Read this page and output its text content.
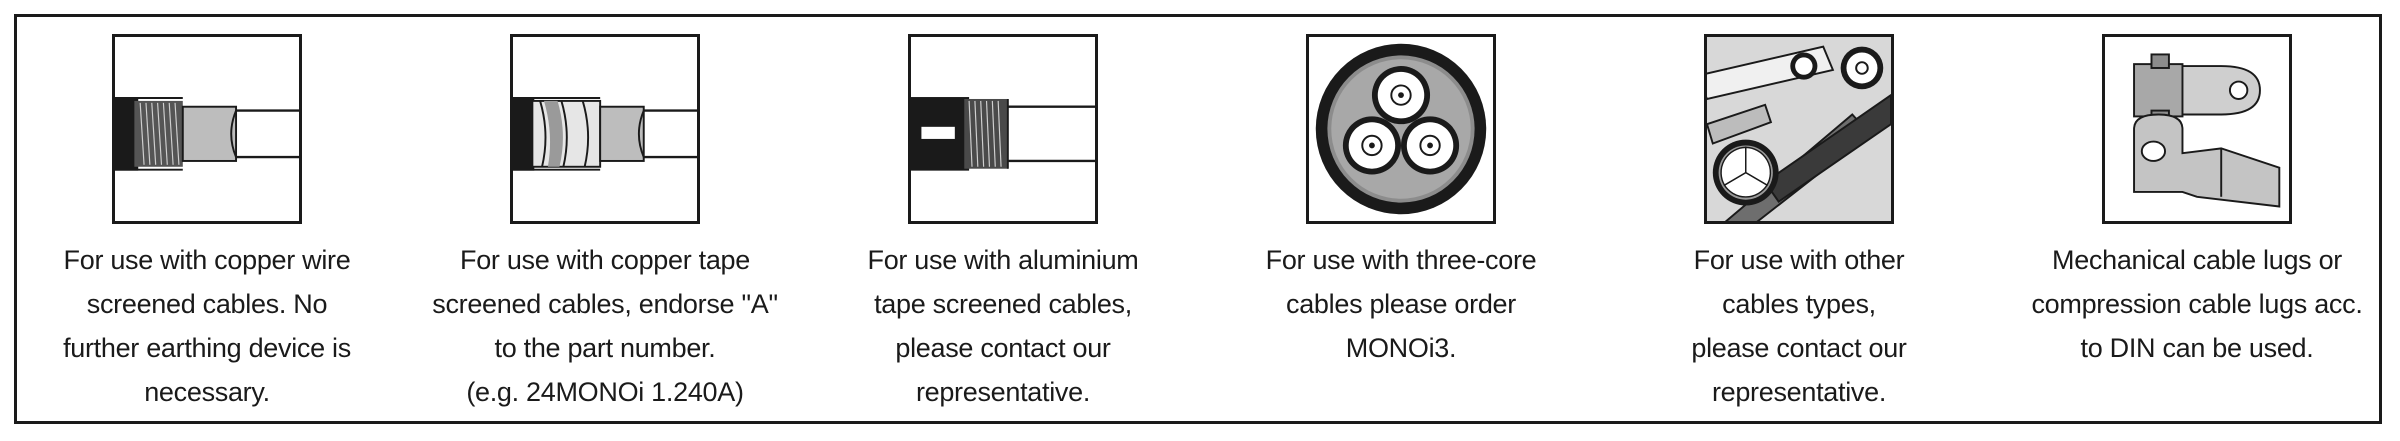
For use with copper wire
screened cables. No
further earthing device is
necessary.
For use with copper tape
screened cables, endorse "A"
to the part number.
(e.g. 24MONOi 1.240A)
For use with aluminium
tape screened cables,
please contact our
representative.
For use with three-core
cables please order
MONOi3.
For use with other
cables types,
please contact our
representative.
Mechanical cable lugs or
compression cable lugs acc.
to DIN can be used.
